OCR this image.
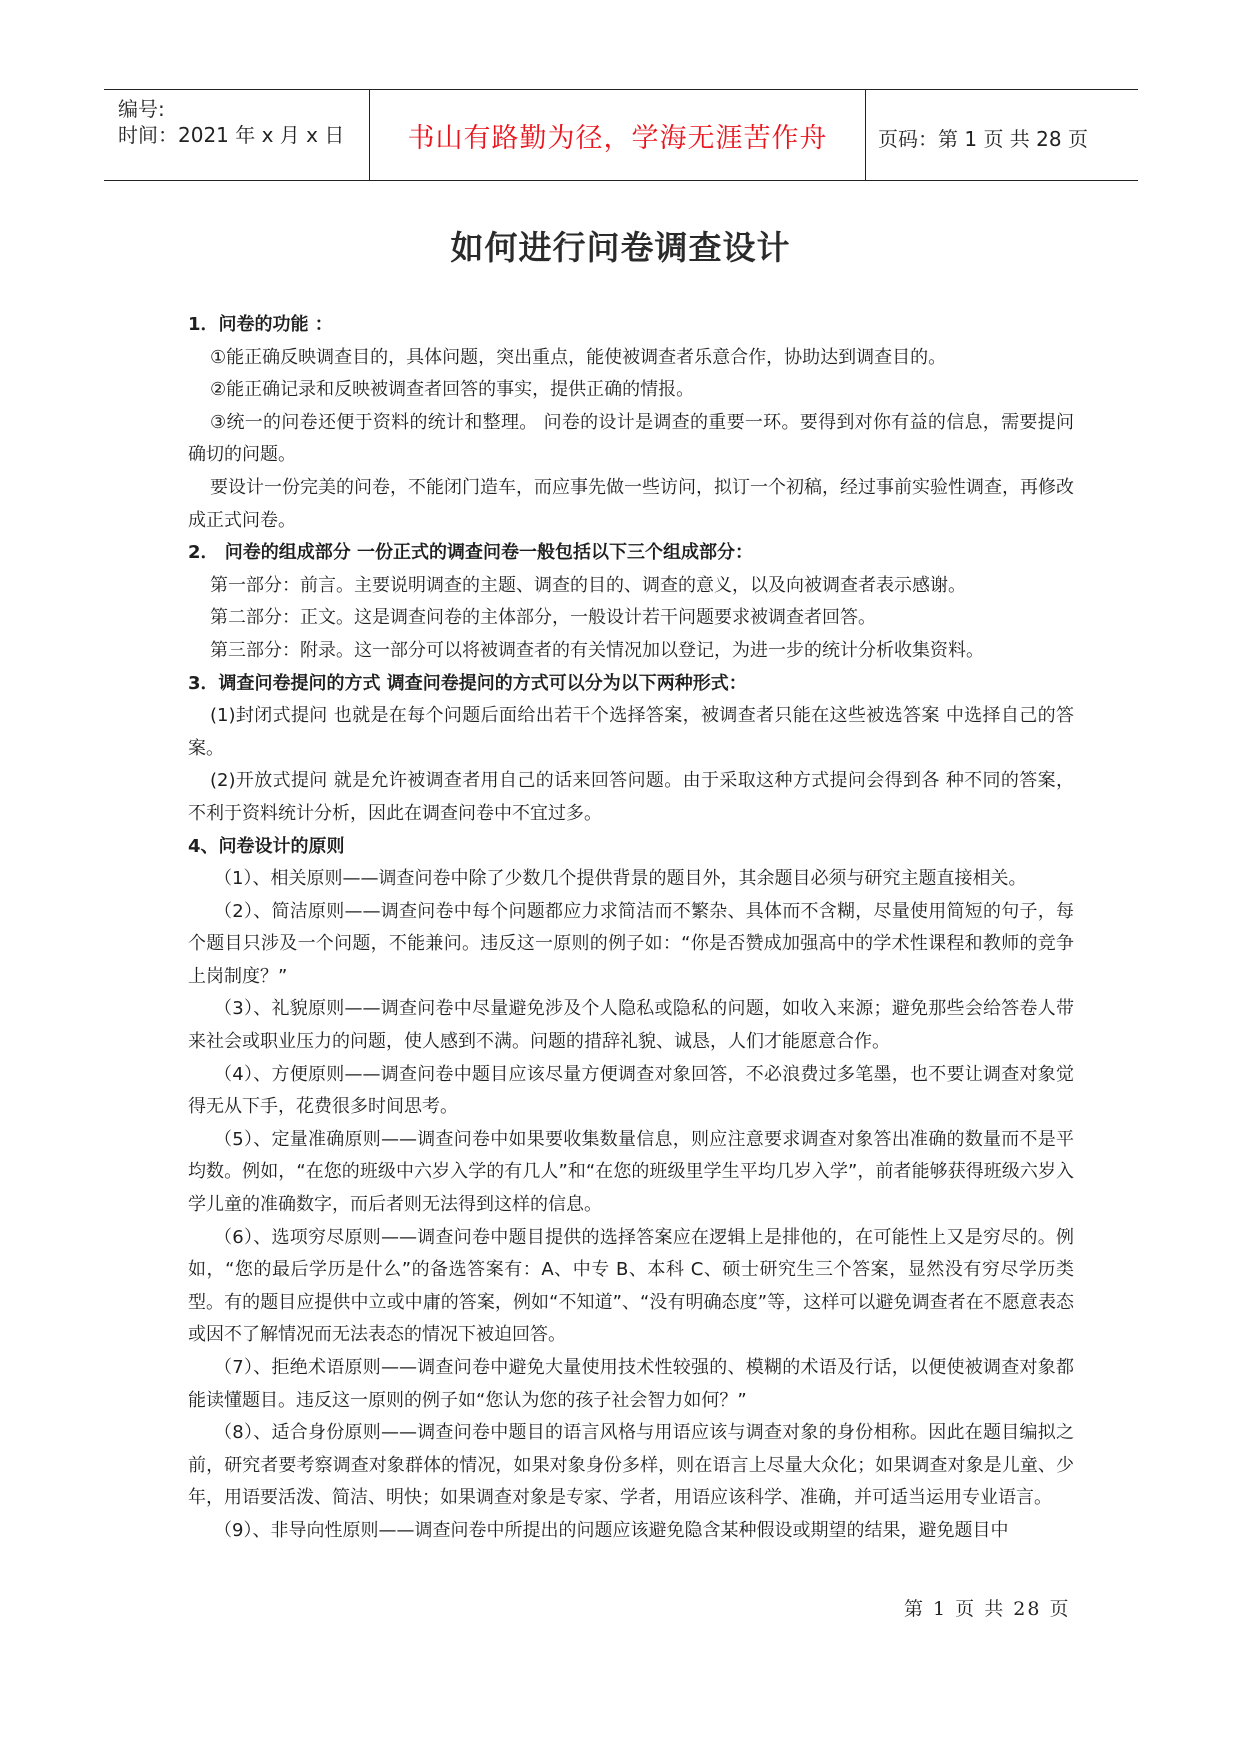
编号:
时间：2021 年 x 月 x 日	书山有路勤为径，学海无涯苦作舟	页码：第 1 页 共 28 页
如何进行问卷调查设计

1．问卷的功能 ：

①能正确反映调查目的，具体问题，突出重点，能使被调查者乐意合作，协助达到调查目的。

②能正确记录和反映被调查者回答的事实，提供正确的情报。

③统一的问卷还便于资料的统计和整理。 问卷的设计是调查的重要一环。要得到对你有益的信息，需要提问确切的问题。

要设计一份完美的问卷，不能闭门造车，而应事先做一些访问，拟订一个初稿，经过事前实验性调查，再修改成正式问卷。

2． 问卷的组成部分 一份正式的调查问卷一般包括以下三个组成部分：

第一部分：前言。主要说明调查的主题、调查的目的、调查的意义，以及向被调查者表示感谢。

第二部分：正文。这是调查问卷的主体部分，一般设计若干问题要求被调查者回答。

第三部分：附录。这一部分可以将被调查者的有关情况加以登记，为进一步的统计分析收集资料。

3．调查问卷提问的方式 调查问卷提问的方式可以分为以下两种形式：

(1)封闭式提问 也就是在每个问题后面给出若干个选择答案，被调查者只能在这些被选答案 中选择自己的答案。

(2)开放式提问 就是允许被调查者用自己的话来回答问题。由于采取这种方式提问会得到各 种不同的答案，不利于资料统计分析，因此在调查问卷中不宜过多。

4、问卷设计的原则

（1）、相关原则——调查问卷中除了少数几个提供背景的题目外，其余题目必须与研究主题直接相关。

（2）、简洁原则——调查问卷中每个问题都应力求简洁而不繁杂、具体而不含糊，尽量使用简短的句子，每个题目只涉及一个问题，不能兼问。违反这一原则的例子如：“你是否赞成加强高中的学术性课程和教师的竞争上岗制度？”

（3）、礼貌原则——调查问卷中尽量避免涉及个人隐私或隐私的问题，如收入来源；避免那些会给答卷人带来社会或职业压力的问题，使人感到不满。问题的措辞礼貌、诚恳，人们才能愿意合作。

（4）、方便原则——调查问卷中题目应该尽量方便调查对象回答，不必浪费过多笔墨，也不要让调查对象觉得无从下手，花费很多时间思考。

（5）、定量准确原则——调查问卷中如果要收集数量信息，则应注意要求调查对象答出准确的数量而不是平均数。例如，“在您的班级中六岁入学的有几人”和“在您的班级里学生平均几岁入学”，前者能够获得班级六岁入学儿童的准确数字，而后者则无法得到这样的信息。

（6）、选项穷尽原则——调查问卷中题目提供的选择答案应在逻辑上是排他的，在可能性上又是穷尽的。例如，“您的最后学历是什么”的备选答案有：A、中专 B、本科 C、硕士研究生三个答案，显然没有穷尽学历类型。有的题目应提供中立或中庸的答案，例如“不知道”、“没有明确态度”等，这样可以避免调查者在不愿意表态或因不了解情况而无法表态的情况下被迫回答。

（7）、拒绝术语原则——调查问卷中避免大量使用技术性较强的、模糊的术语及行话，以便使被调查对象都能读懂题目。违反这一原则的例子如“您认为您的孩子社会智力如何？”

（8）、适合身份原则——调查问卷中题目的语言风格与用语应该与调查对象的身份相称。因此在题目编拟之前，研究者要考察调查对象群体的情况，如果对象身份多样，则在语言上尽量大众化；如果调查对象是儿童、少年，用语要活泼、简洁、明快；如果调查对象是专家、学者，用语应该科学、准确，并可适当运用专业语言。

（9）、非导向性原则——调查问卷中所提出的问题应该避免隐含某种假设或期望的结果，避免题目中

第 1 页 共 28 页
